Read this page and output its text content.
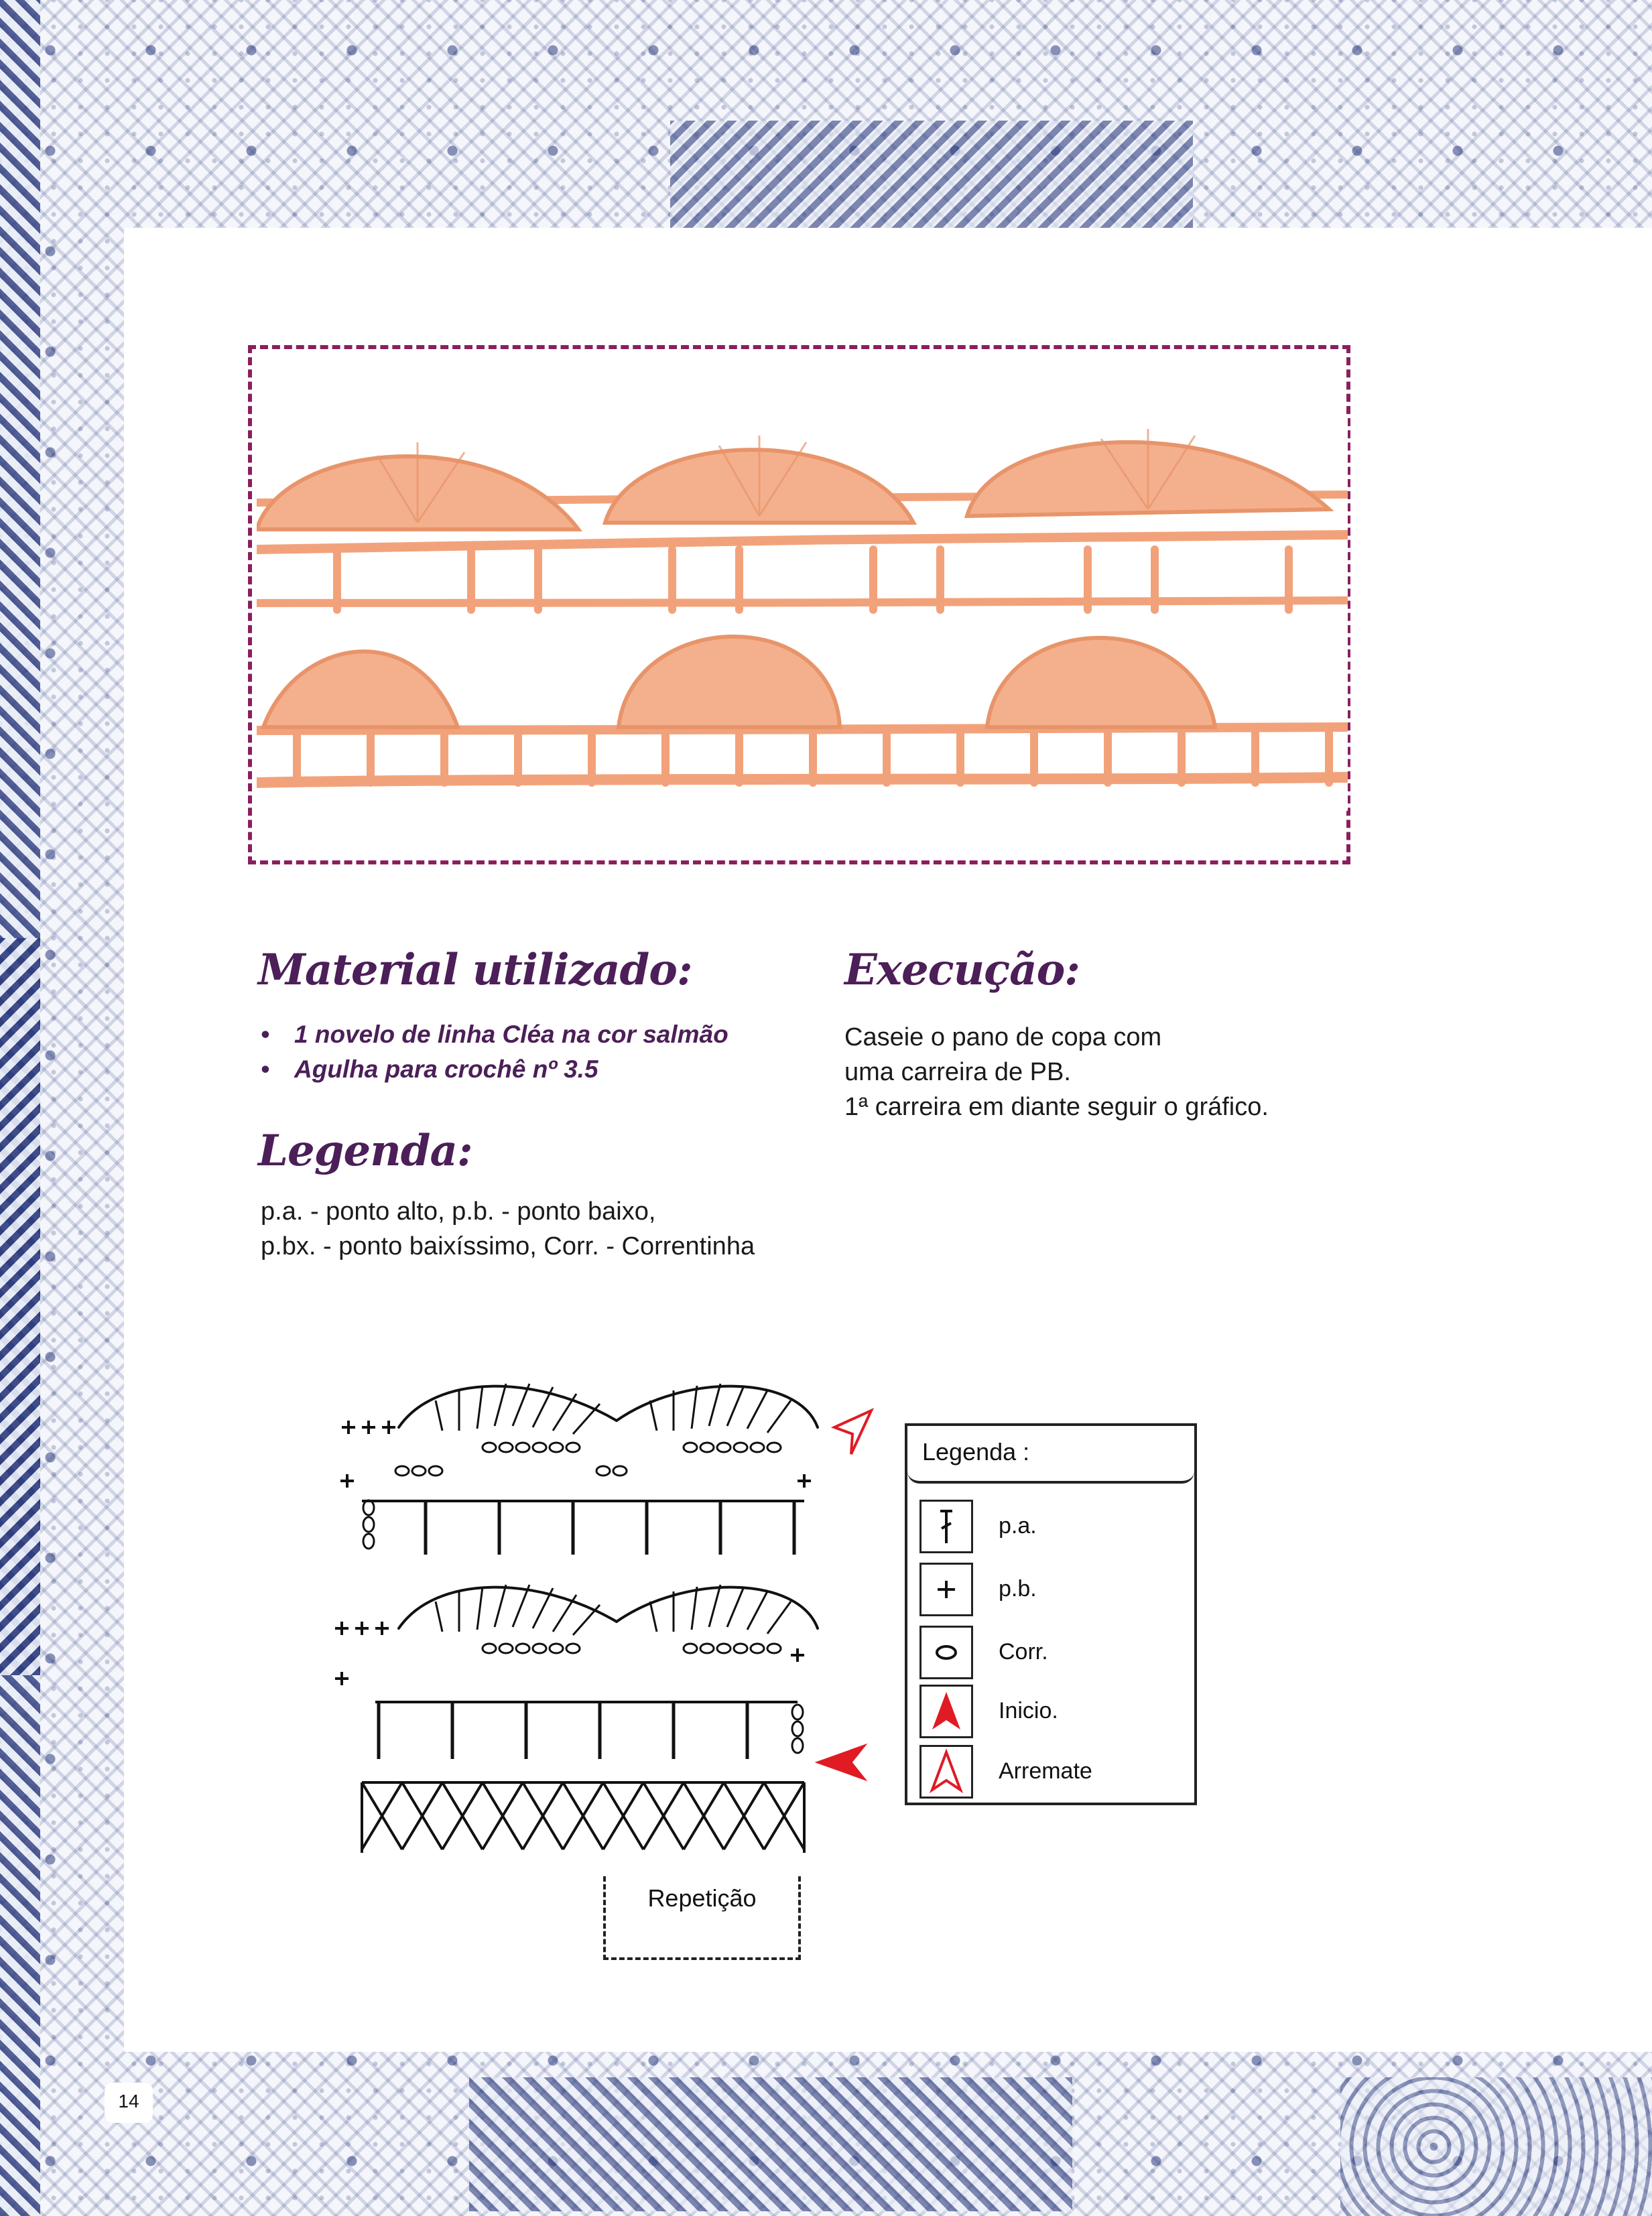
Material utilizado:
• 1 novelo de linha Cléa na cor salmão
• Agulha para crochê nº 3.5
Execução:

Caseie o pano de copa com
uma carreira de PB.
1ª carreira em diante seguir o gráfico.

Legenda:

p.a. - ponto alto, p.b. - ponto baixo,
p.bx. - ponto baixíssimo, Corr. - Correntinha

Repetição
Legenda :
p.a.
p.b.
Corr.
Inicio.
Arremate
14
